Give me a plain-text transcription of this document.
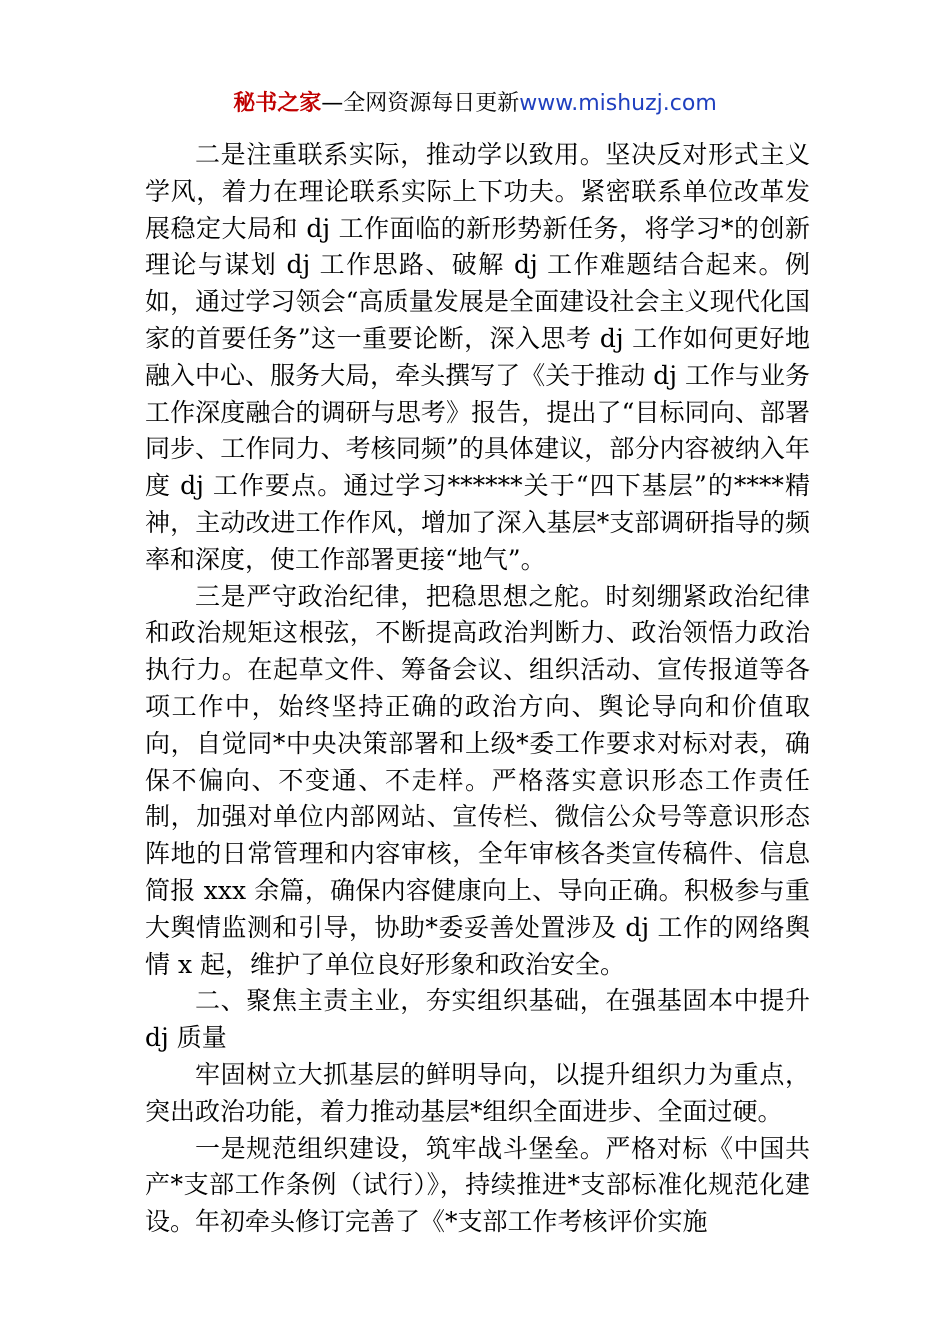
秘书之家—全网资源每日更新www.mishuzj.com

二是注重联系实际，推动学以致用。坚决反对形式主义学风，着力在理论联系实际上下功夫。紧密联系单位改革发展稳定大局和 dj 工作面临的新形势新任务，将学习*的创新理论与谋划 dj 工作思路、破解 dj 工作难题结合起来。例如，通过学习领会“高质量发展是全面建设社会主义现代化国家的首要任务”这一重要论断，深入思考 dj 工作如何更好地融入中心、服务大局，牵头撰写了《关于推动 dj 工作与业务工作深度融合的调研与思考》报告，提出了“目标同向、部署同步、工作同力、考核同频”的具体建议，部分内容被纳入年度 dj 工作要点。通过学习******关于“四下基层”的****精神，主动改进工作作风，增加了深入基层*支部调研指导的频率和深度，使工作部署更接“地气”。

三是严守政治纪律，把稳思想之舵。时刻绷紧政治纪律和政治规矩这根弦，不断提高政治判断力、政治领悟力政治执行力。在起草文件、筹备会议、组织活动、宣传报道等各项工作中，始终坚持正确的政治方向、舆论导向和价值取向，自觉同*中央决策部署和上级*委工作要求对标对表，确保不偏向、不变通、不走样。严格落实意识形态工作责任制，加强对单位内部网站、宣传栏、微信公众号等意识形态阵地的日常管理和内容审核，全年审核各类宣传稿件、信息简报 xxx 余篇，确保内容健康向上、导向正确。积极参与重大舆情监测和引导，协助*委妥善处置涉及 dj 工作的网络舆情 x 起，维护了单位良好形象和政治安全。

二、聚焦主责主业，夯实组织基础，在强基固本中提升 dj 质量

牢固树立大抓基层的鲜明导向，以提升组织力为重点，突出政治功能，着力推动基层*组织全面进步、全面过硬。

一是规范组织建设，筑牢战斗堡垒。严格对标《中国共产*支部工作条例（试行）》，持续推进*支部标准化规范化建设。年初牵头修订完善了《*支部工作考核评价实施
